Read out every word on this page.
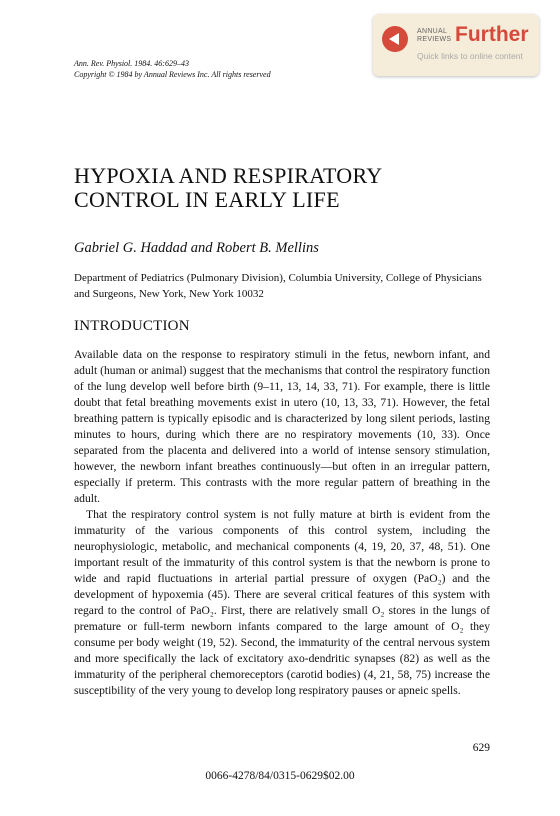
ANNUAL
REVIEWS Further
Quick links to online content
Ann. Rev. Physiol. 1984. 46:629–43
Copyright © 1984 by Annual Reviews Inc. All rights reserved
HYPOXIA AND RESPIRATORY
CONTROL IN EARLY LIFE
Gabriel G. Haddad and Robert B. Mellins
Department of Pediatrics (Pulmonary Division), Columbia University, College of Physicians and Surgeons, New York, New York 10032
INTRODUCTION

Available data on the response to respiratory stimuli in the fetus, newborn infant, and adult (human or animal) suggest that the mechanisms that control the respiratory function of the lung develop well before birth (9–11, 13, 14, 33, 71). For example, there is little doubt that fetal breathing movements exist in utero (10, 13, 33, 71). However, the fetal breathing pattern is typically episodic and is characterized by long silent periods, lasting minutes to hours, during which there are no respiratory movements (10, 33). Once separated from the placenta and delivered into a world of intense sensory stimulation, however, the newborn infant breathes continuously—but often in an irregular pattern, especially if preterm. This contrasts with the more regular pattern of breathing in the adult.

That the respiratory control system is not fully mature at birth is evident from the immaturity of the various components of this control system, including the neurophysiologic, metabolic, and mechanical components (4, 19, 20, 37, 48, 51). One important result of the immaturity of this control system is that the newborn is prone to wide and rapid fluctuations in arterial partial pressure of oxygen (PaO₂) and the development of hypoxemia (45). There are several critical features of this system with regard to the control of PaO₂. First, there are relatively small O₂ stores in the lungs of premature or full-term newborn infants compared to the large amount of O₂ they consume per body weight (19, 52). Second, the immaturity of the central nervous system and more specifically the lack of excitatory axo-dendritic synapses (82) as well as the immaturity of the peripheral chemoreceptors (carotid bodies) (4, 21, 58, 75) increase the susceptibility of the very young to develop long respiratory pauses or apneic spells.

629
0066-4278/84/0315-0629$02.00
